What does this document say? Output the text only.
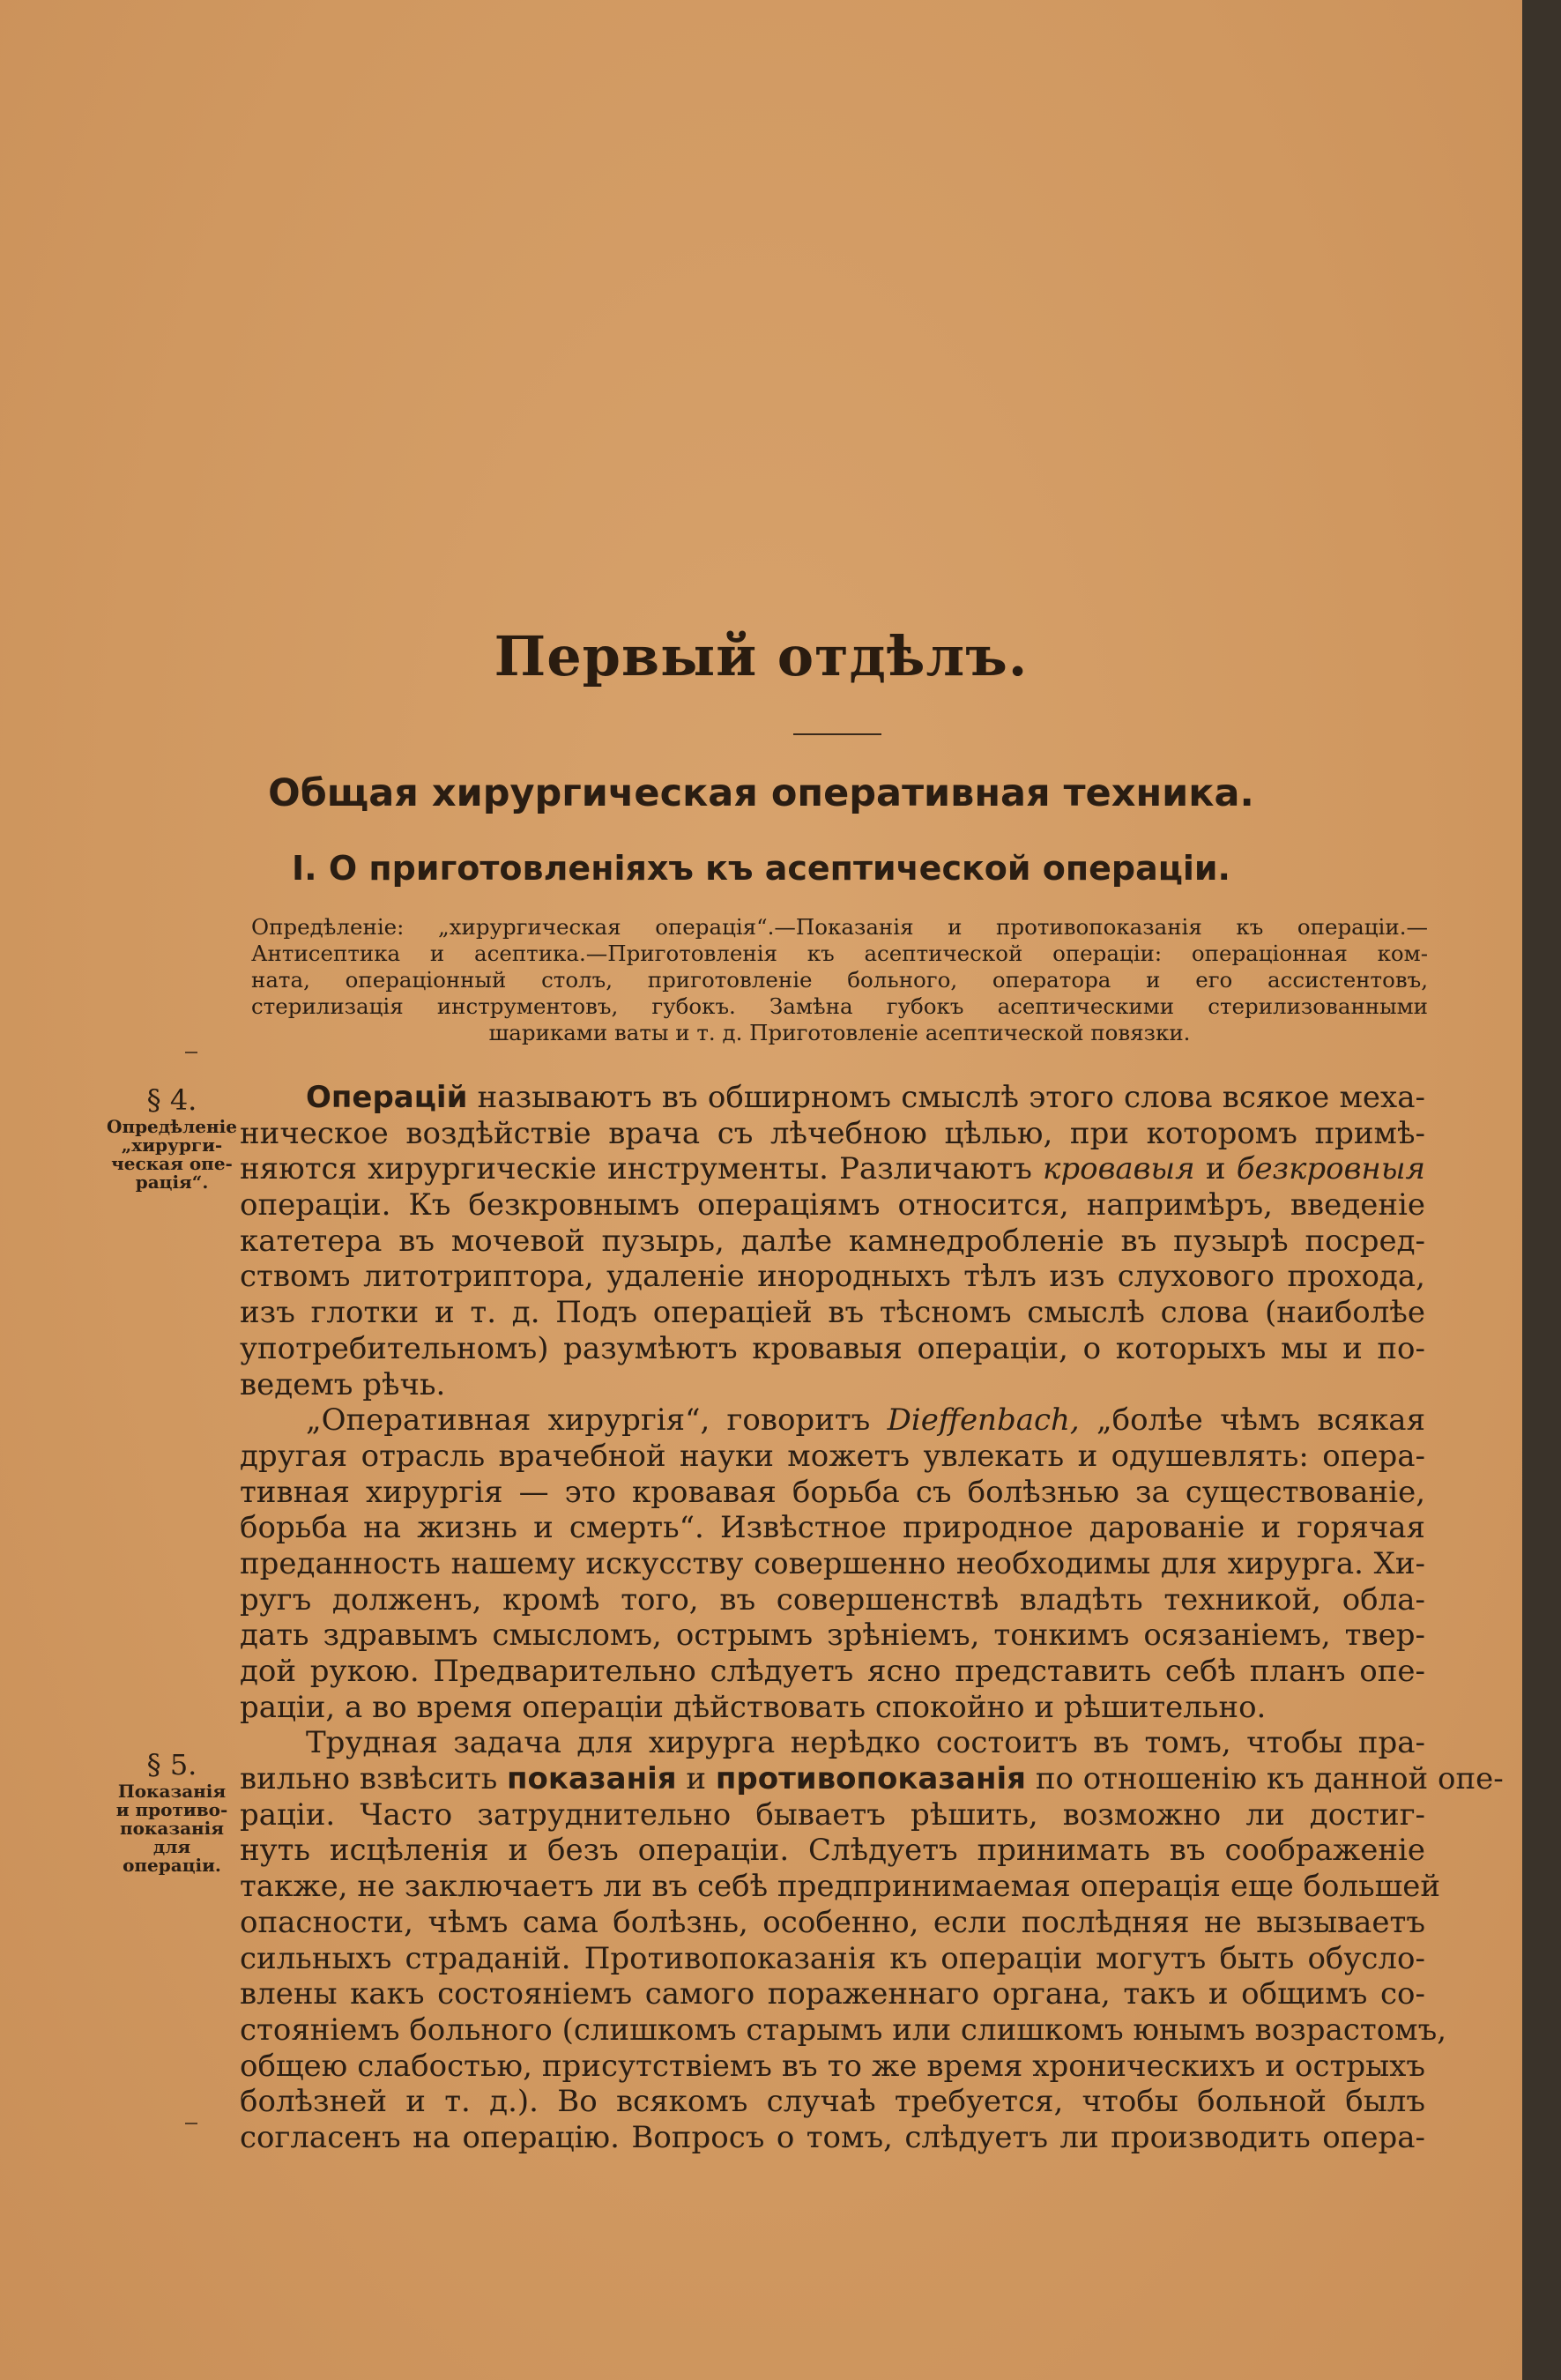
Первый отдѣлъ.
Общая хирургическая оперативная техника.
I. О приготовленіяхъ къ асептической операціи.
Опредѣленіе: „хирургическая операція“.—Показанія и противопоказанія къ операціи.—
Антисептика и асептика.—Приготовленія къ асептической операціи: операціонная ком-
ната, операціонный столъ, приготовленіе больного, оператора и его ассистентовъ,
стерилизація инструментовъ, губокъ. Замѣна губокъ асептическими стерилизованными
шариками ваты и т. д. Приготовленіе асептической повязки.
§ 4.
Опредѣленіе
„хирурги-
ческая опе-
рація“.
§ 5.
Показанія
и противо-
показанія
для операціи.
Операцій называютъ въ обширномъ смыслѣ этого слова всякое меха-
ническое воздѣйствіе врача съ лѣчебною цѣлью, при которомъ примѣ-
няются хирургическіе инструменты. Различаютъ кровавыя и безкровныя
операціи. Къ безкровнымъ операціямъ относится, напримѣръ, введеніе
катетера въ мочевой пузырь, далѣе камнедробленіе въ пузырѣ посред-
ствомъ литотриптора, удаленіе инородныхъ тѣлъ изъ слухового прохода,
изъ глотки и т. д. Подъ операціей въ тѣсномъ смыслѣ слова (наиболѣе
употребительномъ) разумѣютъ кровавыя операціи, о которыхъ мы и по-
ведемъ рѣчь.
„Оперативная хирургія“, говоритъ Dieffenbach, „болѣе чѣмъ всякая
другая отрасль врачебной науки можетъ увлекать и одушевлять: опера-
тивная хирургія — это кровавая борьба съ болѣзнью за существованіе,
борьба на жизнь и смерть“. Извѣстное природное дарованіе и горячая
преданность нашему искусству совершенно необходимы для хирурга. Хи-
ругъ долженъ, кромѣ того, въ совершенствѣ владѣть техникой, обла-
дать здравымъ смысломъ, острымъ зрѣніемъ, тонкимъ осязаніемъ, твер-
дой рукою. Предварительно слѣдуетъ ясно представить себѣ планъ опе-
раціи, а во время операціи дѣйствовать спокойно и рѣшительно.
Трудная задача для хирурга нерѣдко состоитъ въ томъ, чтобы пра-
вильно взвѣсить показанія и противопоказанія по отношенію къ данной опе-
раціи. Часто затруднительно бываетъ рѣшить, возможно ли достиг-
нуть исцѣленія и безъ операціи. Слѣдуетъ принимать въ соображеніе
также, не заключаетъ ли въ себѣ предпринимаемая операція еще большей
опасности, чѣмъ сама болѣзнь, особенно, если послѣдняя не вызываетъ
сильныхъ страданій. Противопоказанія къ операціи могутъ быть обусло-
влены какъ состояніемъ самого пораженнаго органа, такъ и общимъ со-
стояніемъ больного (слишкомъ старымъ или слишкомъ юнымъ возрастомъ,
общею слабостью, присутствіемъ въ то же время хроническихъ и острыхъ
болѣзней и т. д.). Во всякомъ случаѣ требуется, чтобы больной былъ
согласенъ на операцію. Вопросъ о томъ, слѣдуетъ ли производить опера-
